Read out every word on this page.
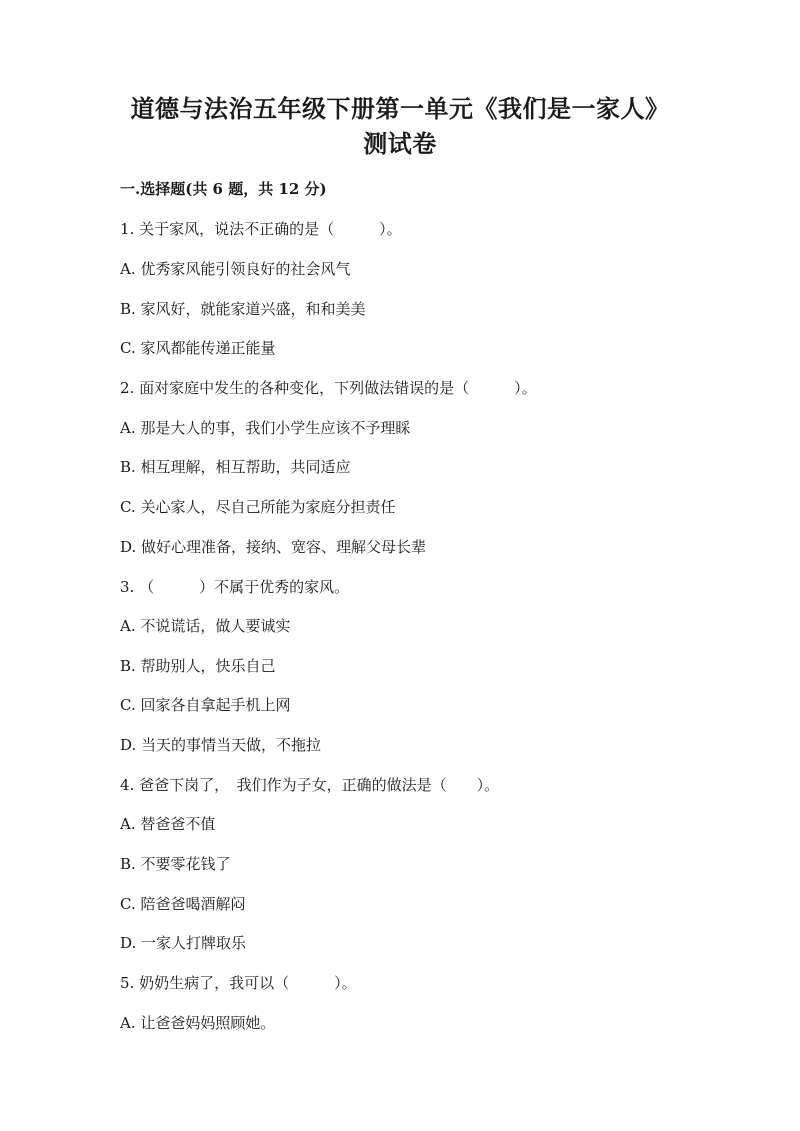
道德与法治五年级下册第一单元《我们是一家人》
测试卷
一.选择题(共 6 题，共 12 分)
1. 关于家风，说法不正确的是（　　　）。
A. 优秀家风能引领良好的社会风气
B. 家风好，就能家道兴盛，和和美美
C. 家风都能传递正能量
2. 面对家庭中发生的各种变化，下列做法错误的是（　　　）。
A. 那是大人的事，我们小学生应该不予理睬
B. 相互理解，相互帮助，共同适应
C. 关心家人，尽自己所能为家庭分担责任
D. 做好心理准备，接纳、宽容、理解父母长辈
3. （　　　）不属于优秀的家风。
A. 不说谎话，做人要诚实
B. 帮助别人，快乐自己
C. 回家各自拿起手机上网
D. 当天的事情当天做，不拖拉
4. 爸爸下岗了，　我们作为子女，正确的做法是（　　）。
A. 替爸爸不值
B. 不要零花钱了
C. 陪爸爸喝酒解闷
D. 一家人打牌取乐
5. 奶奶生病了，我可以（　　　）。
A. 让爸爸妈妈照顾她。
